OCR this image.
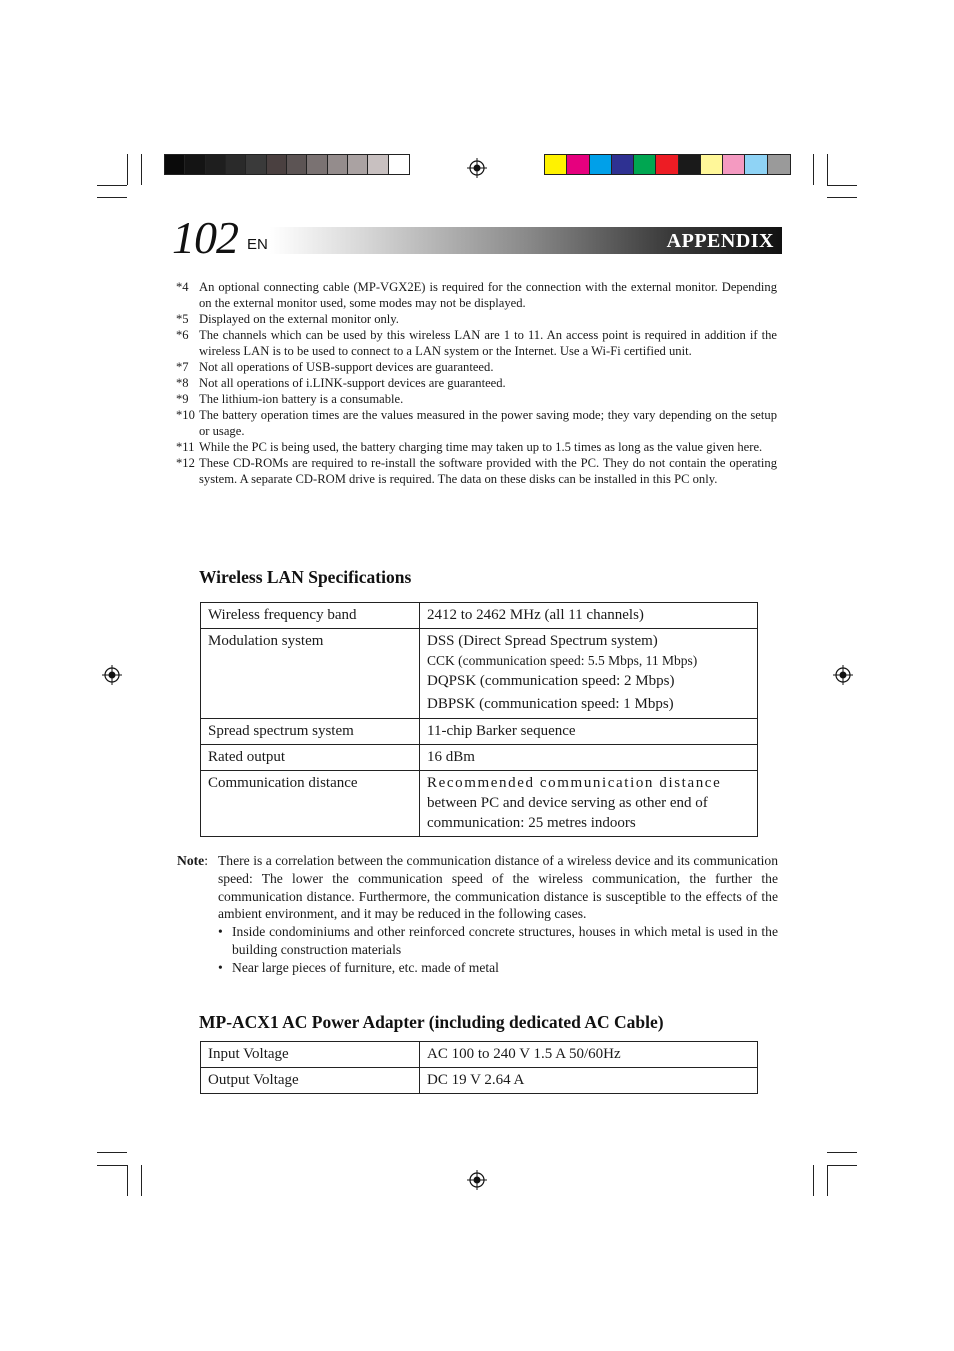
102 EN	APPENDIX
*4 An optional connecting cable (MP-VGX2E) is required for the connection with the external monitor. Depending on the external monitor used, some modes may not be displayed.
*5 Displayed on the external monitor only.
*6 The channels which can be used by this wireless LAN are 1 to 11. An access point is required in addition if the wireless LAN is to be used to connect to a LAN system or the Internet. Use a Wi-Fi certified unit.
*7 Not all operations of USB-support devices are guaranteed.
*8 Not all operations of i.LINK-support devices are guaranteed.
*9 The lithium-ion battery is a consumable.
*10 The battery operation times are the values measured in the power saving mode; they vary depending on the setup or usage.
*11 While the PC is being used, the battery charging time may taken up to 1.5 times as long as the value given here.
*12 These CD-ROMs are required to re-install the software provided with the PC. They do not contain the operating system. A separate CD-ROM drive is required. The data on these disks can be installed in this PC only.
Wireless LAN Specifications
Wireless frequency band	2412 to 2462 MHz (all 11 channels)
Modulation system	DSS (Direct Spread Spectrum system)
CCK (communication speed: 5.5 Mbps, 11 Mbps)
DQPSK (communication speed: 2 Mbps)
DBPSK (communication speed: 1 Mbps)

Spread spectrum system	11-chip Barker sequence
Rated output	16 dBm
Communication distance	Recommended communication distance
between PC and device serving as other end of communication: 25 metres indoors
Note: There is a correlation between the communication distance of a wireless device and its communication speed: The lower the communication speed of the wireless communication, the further the communication distance. Furthermore, the communication distance is susceptible to the effects of the ambient environment, and it may be reduced in the following cases.
• Inside condominiums and other reinforced concrete structures, houses in which metal is used in the building construction materials
• Near large pieces of furniture, etc. made of metal
MP-ACX1 AC Power Adapter (including dedicated AC Cable)
Input Voltage	AC 100 to 240 V 1.5 A 50/60Hz
Output Voltage	DC 19 V 2.64 A
